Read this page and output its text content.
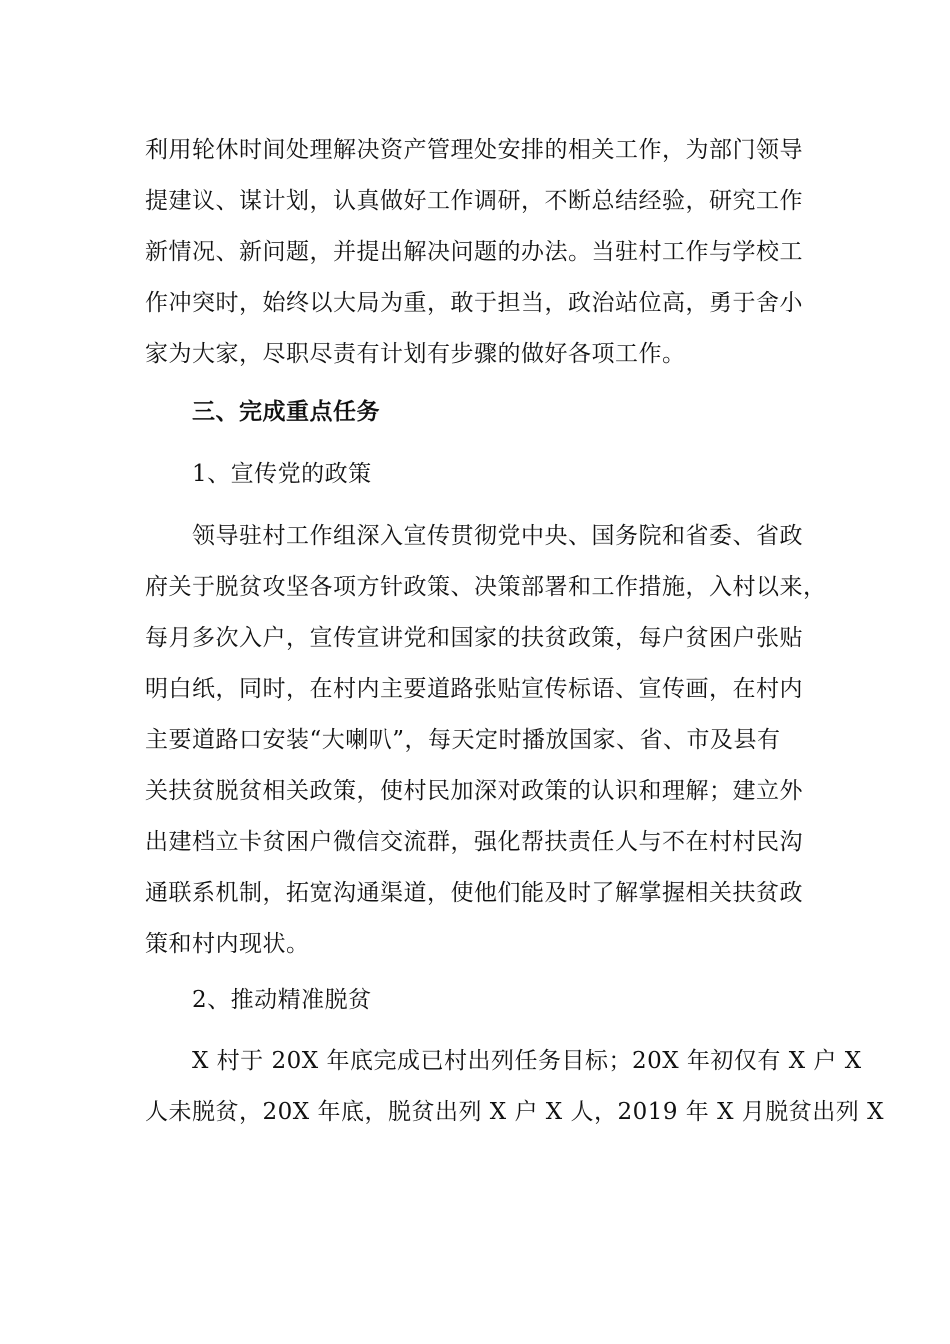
利用轮休时间处理解决资产管理处安排的相关工作，为部门领导
提建议、谋计划，认真做好工作调研，不断总结经验，研究工作
新情况、新问题，并提出解决问题的办法。当驻村工作与学校工
作冲突时，始终以大局为重，敢于担当，政治站位高，勇于舍小
家为大家，尽职尽责有计划有步骤的做好各项工作。
三、完成重点任务
1、宣传党的政策
领导驻村工作组深入宣传贯彻党中央、国务院和省委、省政
府关于脱贫攻坚各项方针政策、决策部署和工作措施，入村以来，
每月多次入户，宣传宣讲党和国家的扶贫政策，每户贫困户张贴
明白纸，同时，在村内主要道路张贴宣传标语、宣传画，在村内
主要道路口安装“大喇叭”，每天定时播放国家、省、市及县有
关扶贫脱贫相关政策，使村民加深对政策的认识和理解；建立外
出建档立卡贫困户微信交流群，强化帮扶责任人与不在村村民沟
通联系机制，拓宽沟通渠道，使他们能及时了解掌握相关扶贫政
策和村内现状。
2、推动精准脱贫
X 村于 20X 年底完成已村出列任务目标；20X 年初仅有 X 户 X
人未脱贫，20X 年底，脱贫出列 X 户 X 人，2019 年 X 月脱贫出列 X
